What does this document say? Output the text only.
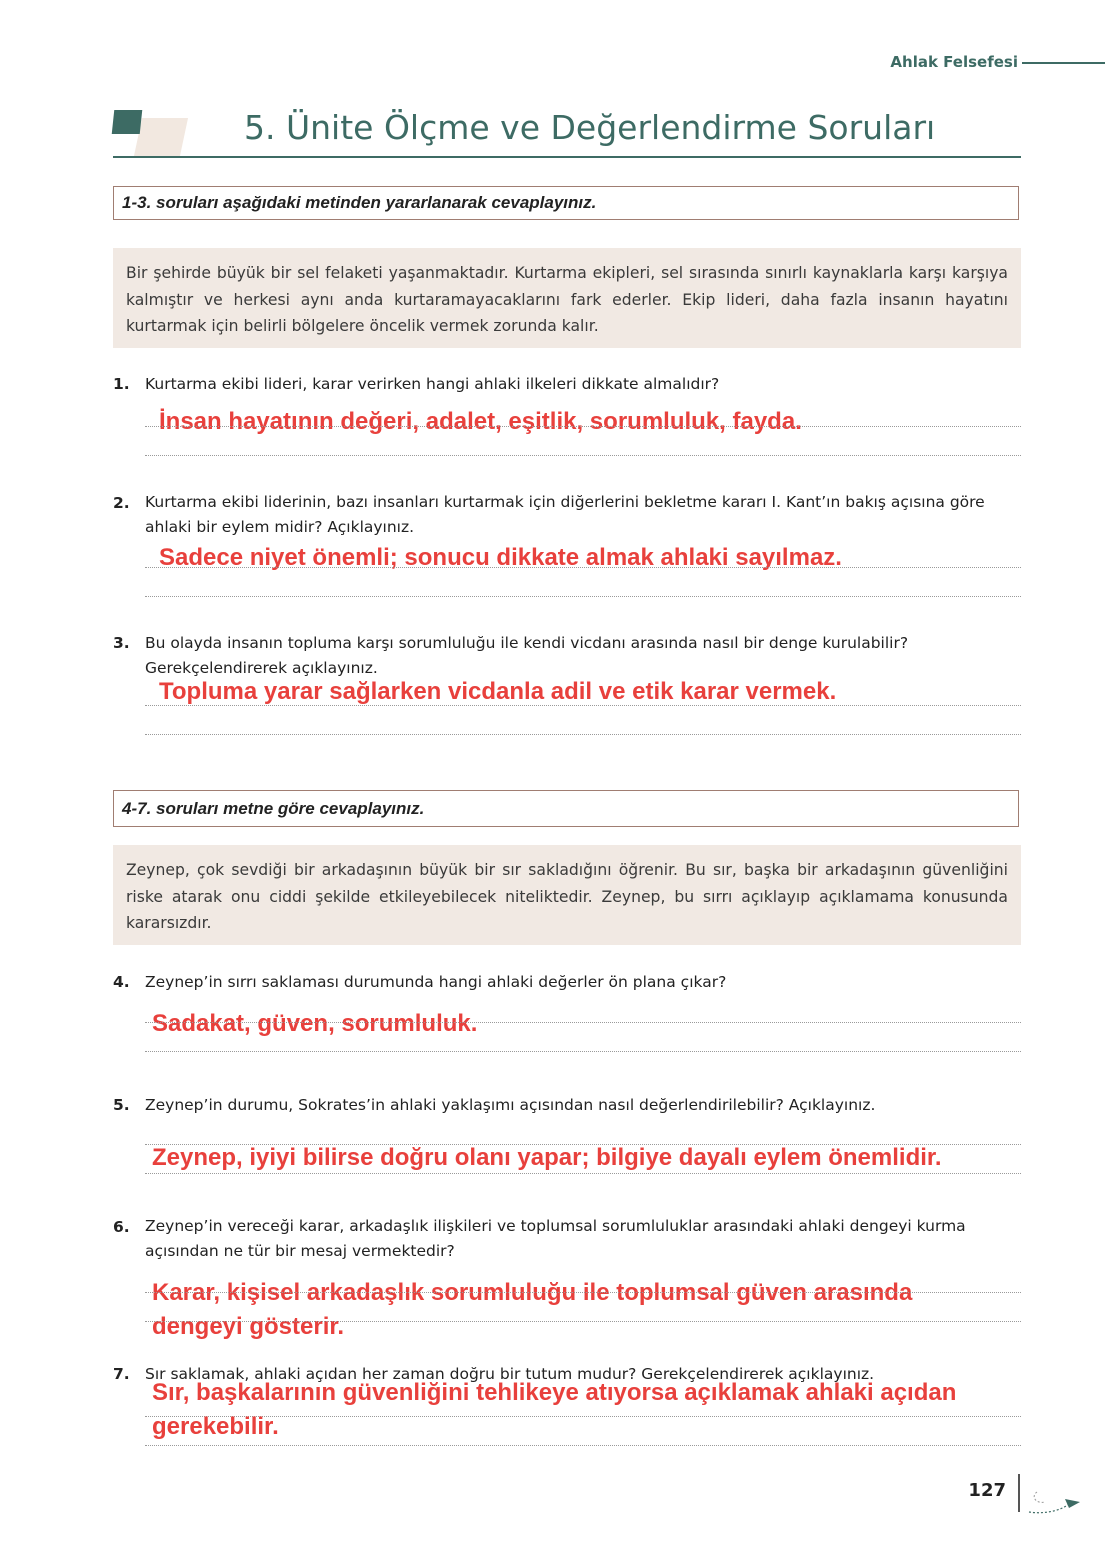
Ahlak Felsefesi
5. Ünite Ölçme ve Değerlendirme Soruları
1-3. soruları aşağıdaki metinden yararlanarak cevaplayınız.
Bir şehirde büyük bir sel felaketi yaşanmaktadır. Kurtarma ekipleri, sel sırasında sınırlı kaynaklarla karşı karşıya kalmıştır ve herkesi aynı anda kurtaramayacaklarını fark ederler. Ekip lideri, daha fazla insanın hayatını kurtarmak için belirli bölgelere öncelik vermek zorunda kalır.
1. Kurtarma ekibi lideri, karar verirken hangi ahlaki ilkeleri dikkate almalıdır?
İnsan hayatının değeri, adalet, eşitlik, sorumluluk, fayda.
2. Kurtarma ekibi liderinin, bazı insanları kurtarmak için diğerlerini bekletme kararı I. Kant’ın bakış açısına göre ahlaki bir eylem midir? Açıklayınız.
Sadece niyet önemli; sonucu dikkate almak ahlaki sayılmaz.
3. Bu olayda insanın topluma karşı sorumluluğu ile kendi vicdanı arasında nasıl bir denge kurulabilir? Gerekçelendirerek açıklayınız.
Topluma yarar sağlarken vicdanla adil ve etik karar vermek.
4-7. soruları metne göre cevaplayınız.
Zeynep, çok sevdiği bir arkadaşının büyük bir sır sakladığını öğrenir. Bu sır, başka bir arkadaşının güvenliğini riske atarak onu ciddi şekilde etkileyebilecek niteliktedir. Zeynep, bu sırrı açıklayıp açıklamama konusunda kararsızdır.
4. Zeynep’in sırrı saklaması durumunda hangi ahlaki değerler ön plana çıkar?
Sadakat, güven, sorumluluk.
5. Zeynep’in durumu, Sokrates’in ahlaki yaklaşımı açısından nasıl değerlendirilebilir? Açıklayınız.
Zeynep, iyiyi bilirse doğru olanı yapar; bilgiye dayalı eylem önemlidir.
6. Zeynep’in vereceği karar, arkadaşlık ilişkileri ve toplumsal sorumluluklar arasındaki ahlaki dengeyi kurma açısından ne tür bir mesaj vermektedir?
Karar, kişisel arkadaşlık sorumluluğu ile toplumsal güven arasında
dengeyi gösterir.
7. Sır saklamak, ahlaki açıdan her zaman doğru bir tutum mudur? Gerekçelendirerek açıklayınız.
Sır, başkalarının güvenliğini tehlikeye atıyorsa açıklamak ahlaki açıdan
gerekebilir.
127
